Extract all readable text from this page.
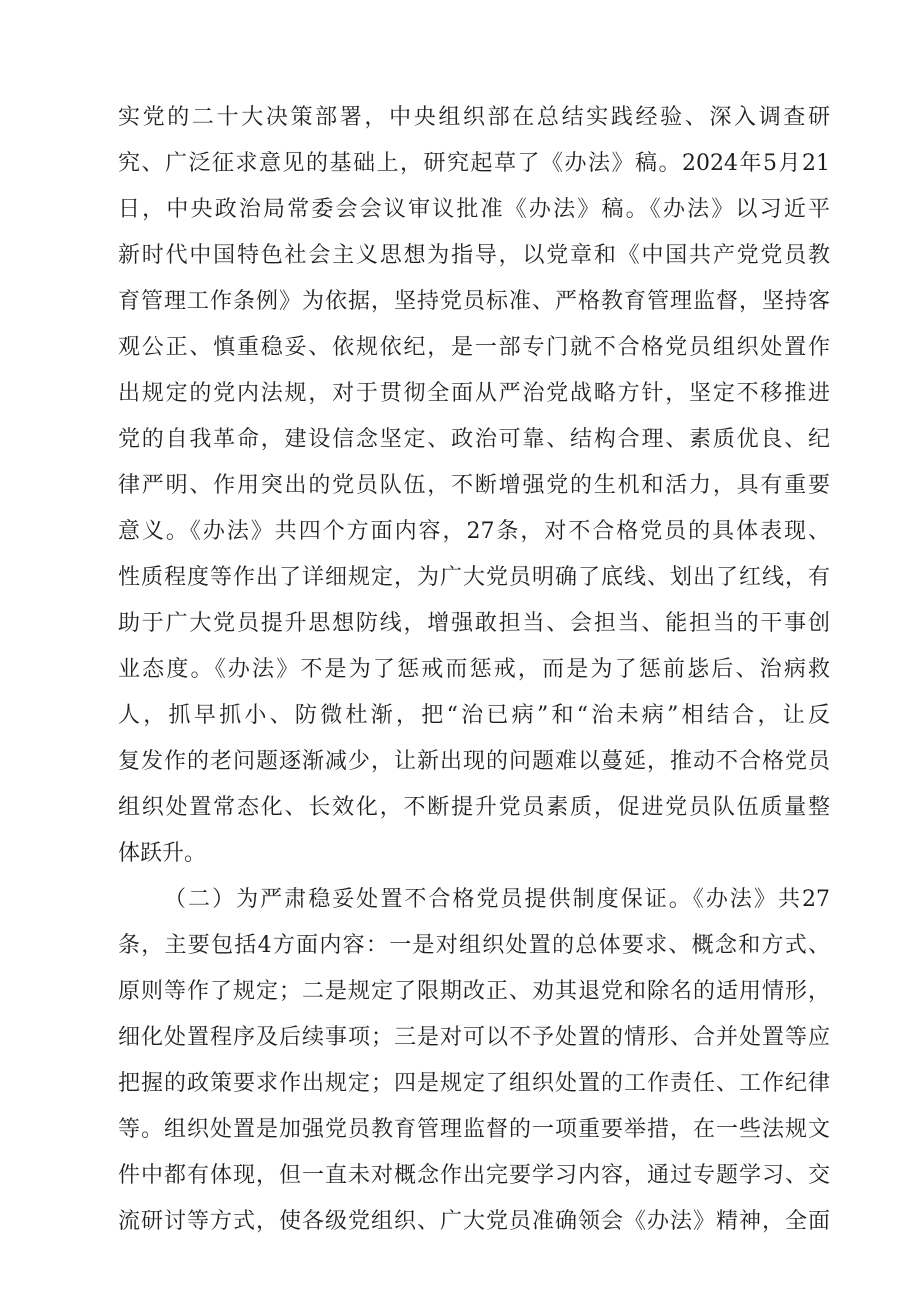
实党的二十大决策部署，中央组织部在总结实践经验、深入调查研
究、广泛征求意见的基础上，研究起草了《办法》稿。2024年5月21
日，中央政治局常委会会议审议批准《办法》稿。《办法》以习近平
新时代中国特色社会主义思想为指导，以党章和《中国共产党党员教
育管理工作条例》为依据，坚持党员标准、严格教育管理监督，坚持客
观公正、慎重稳妥、依规依纪，是一部专门就不合格党员组织处置作
出规定的党内法规，对于贯彻全面从严治党战略方针，坚定不移推进
党的自我革命，建设信念坚定、政治可靠、结构合理、素质优良、纪
律严明、作用突出的党员队伍，不断增强党的生机和活力，具有重要
意义。《办法》共四个方面内容，27条，对不合格党员的具体表现、
性质程度等作出了详细规定，为广大党员明确了底线、划出了红线，有
助于广大党员提升思想防线，增强敢担当、会担当、能担当的干事创
业态度。《办法》不是为了惩戒而惩戒，而是为了惩前毖后、治病救
人，抓早抓小、防微杜渐，把“治已病”和“治未病”相结合，让反
复发作的老问题逐渐减少，让新出现的问题难以蔓延，推动不合格党员
组织处置常态化、长效化，不断提升党员素质，促进党员队伍质量整
体跃升。
（二）为严肃稳妥处置不合格党员提供制度保证。《办法》共27
条，主要包括4方面内容：一是对组织处置的总体要求、概念和方式、
原则等作了规定；二是规定了限期改正、劝其退党和除名的适用情形，
细化处置程序及后续事项；三是对可以不予处置的情形、合并处置等应
把握的政策要求作出规定；四是规定了组织处置的工作责任、工作纪律
等。组织处置是加强党员教育管理监督的一项重要举措，在一些法规文
件中都有体现，但一直未对概念作出完要学习内容，通过专题学习、交
流研讨等方式，使各级党组织、广大党员准确领会《办法》精神，全面
